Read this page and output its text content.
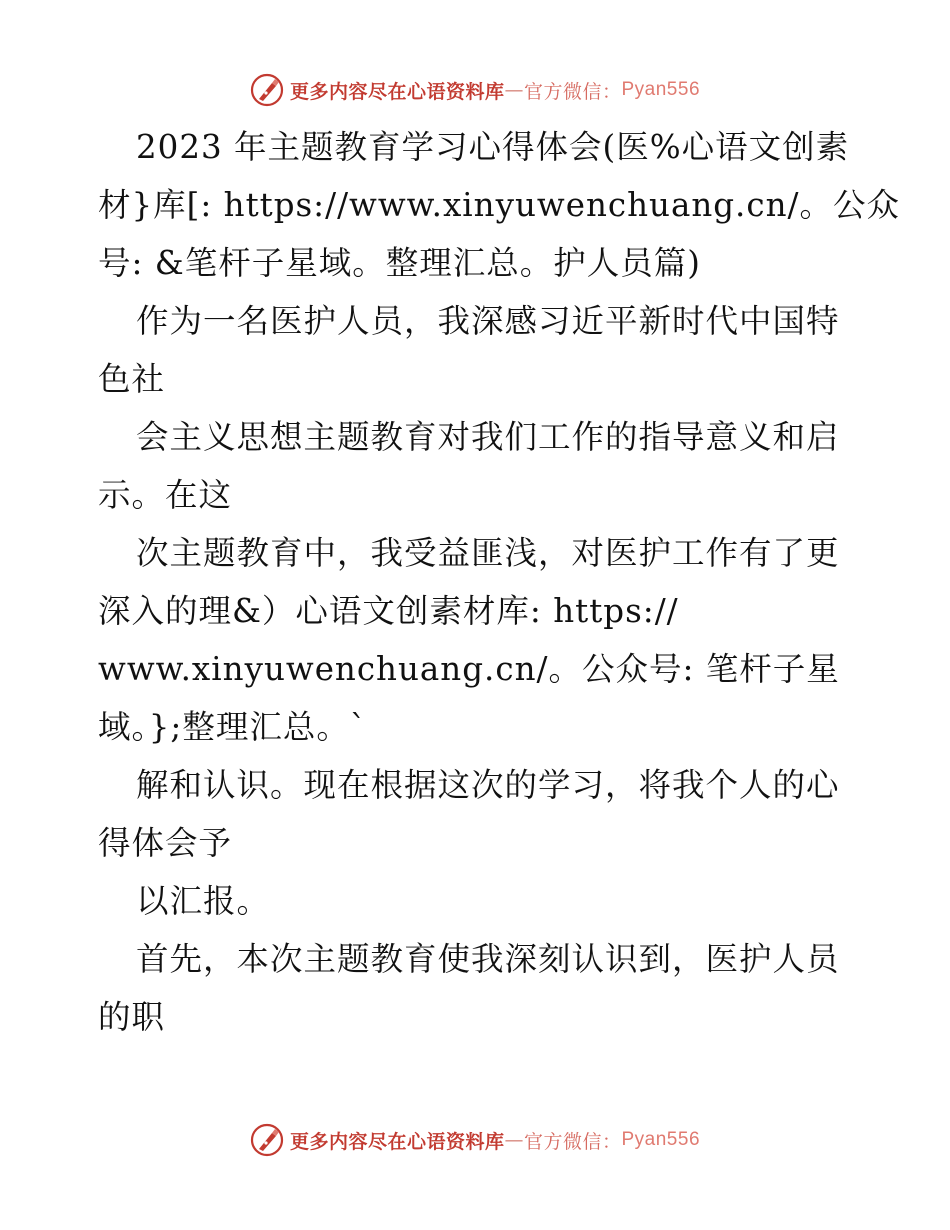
更多内容尽在心语资料库 — 官方微信： Pyan556
2023 年主题教育学习心得体会(医%心语文创素
材}库[: https://www.xinyuwenchuang.cn/。公众
号: &笔杆子星域。整理汇总。护人员篇)
作为一名医护人员，我深感习近平新时代中国特
色社
会主义思想主题教育对我们工作的指导意义和启
示。在这
次主题教育中，我受益匪浅，对医护工作有了更
深入的理&）心语文创素材库: https://
www.xinyuwenchuang.cn/。公众号: 笔杆子星
域。};整理汇总。`
解和认识。现在根据这次的学习，将我个人的心
得体会予
以汇报。
首先，本次主题教育使我深刻认识到，医护人员
的职
更多内容尽在心语资料库 — 官方微信： Pyan556
